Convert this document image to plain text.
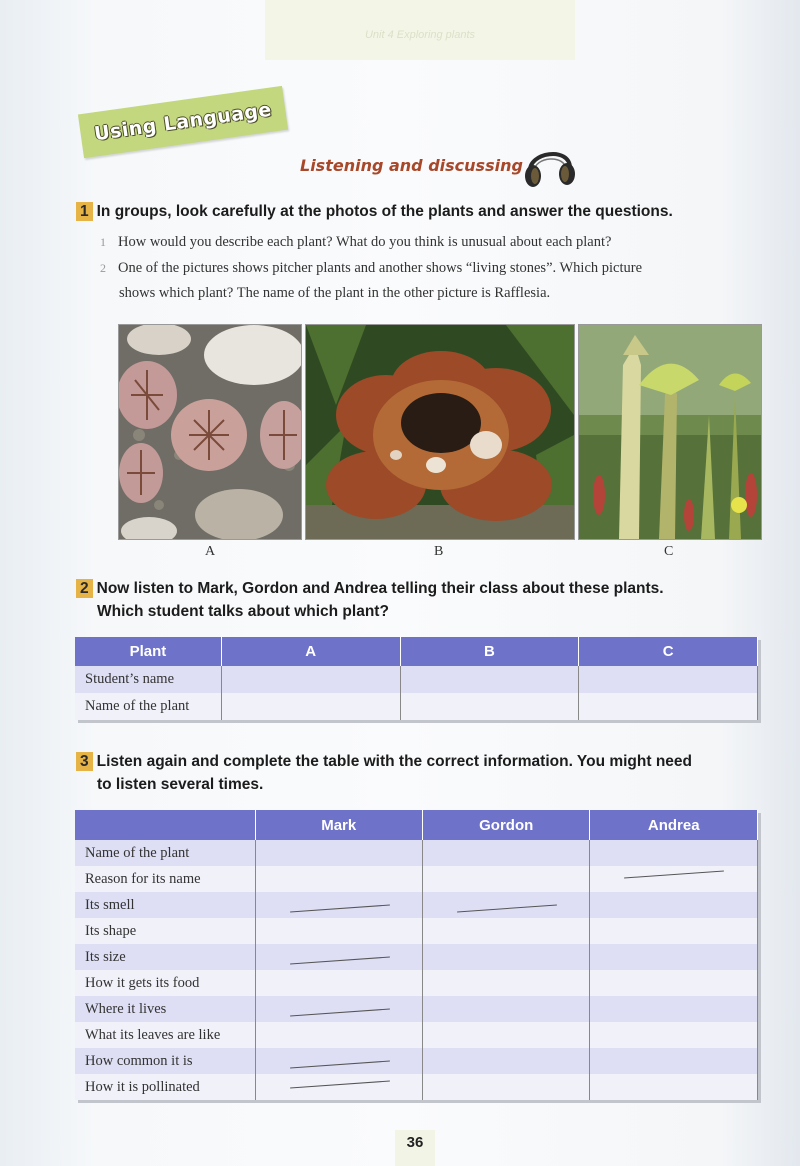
Unit 4 Exploring plants
Using Language
Listening and discussing
1 In groups, look carefully at the photos of the plants and answer the questions.
1 How would you describe each plant? What do you think is unusual about each plant?
2 One of the pictures shows pitcher plants and another shows “living stones”. Which picture
shows which plant? The name of the plant in the other picture is Rafflesia.
A	B	C
2 Now listen to Mark, Gordon and Andrea telling their class about these plants.
Which student talks about which plant?
Plant	A	B	C
Student’s name			
Name of the plant			
3 Listen again and complete the table with the correct information. You might need
to listen several times.
	Mark	Gordon	Andrea
Name of the plant			
Reason for its name			

Its smell	

Its shape			
Its size	

How it gets its food			
Where it lives	

What its leaves are like			
How common it is	

How it is pollinated	

36
